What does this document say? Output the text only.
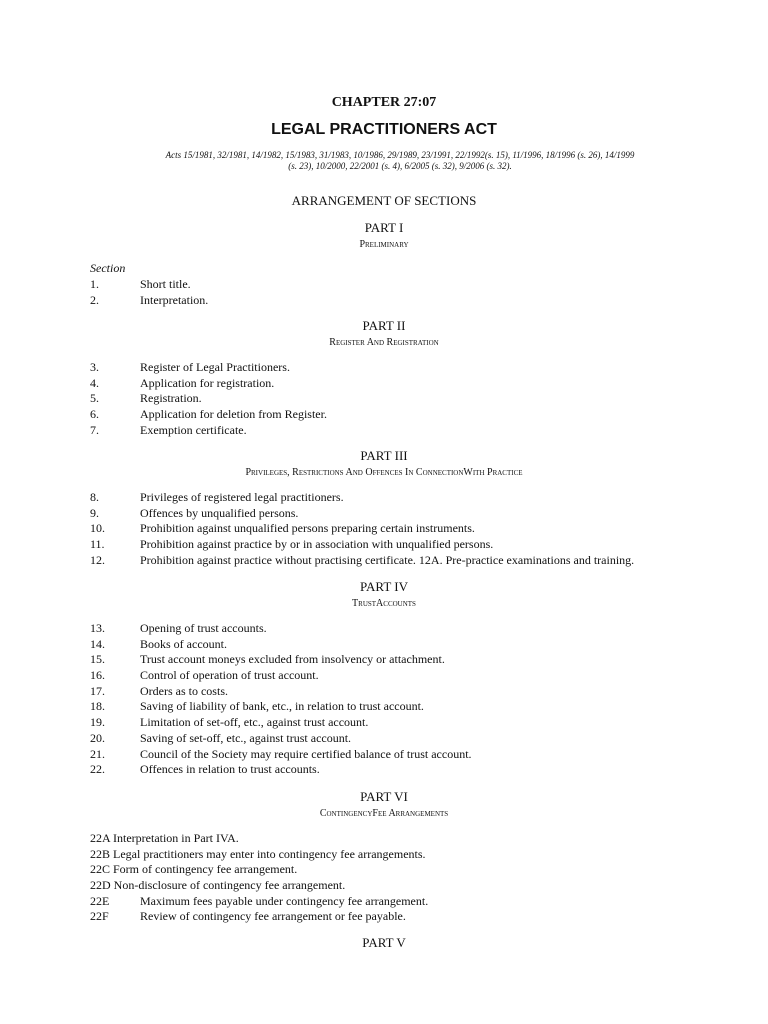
CHAPTER 27:07
LEGAL PRACTITIONERS ACT
Acts 15/1981, 32/1981, 14/1982, 15/1983, 31/1983, 10/1986, 29/1989, 23/1991, 22/1992(s. 15), 11/1996, 18/1996 (s. 26), 14/1999
(s. 23), 10/2000, 22/2001 (s. 4), 6/2005 (s. 32), 9/2006 (s. 32).
ARRANGEMENT OF SECTIONS
PART I
Preliminary
Section
1.	Short title.
2.	Interpretation.
PART II
Register And Registration
3.	Register of Legal Practitioners.
4.	Application for registration.
5.	Registration.
6.	Application for deletion from Register.
7.	Exemption certificate.
PART III
Privileges, Restrictions And Offences In ConnectionWith Practice
8.	Privileges of registered legal practitioners.
9.	Offences by unqualified persons.
10.	Prohibition against unqualified persons preparing certain instruments.
11.	Prohibition against practice by or in association with unqualified persons.
12.	Prohibition against practice without practising certificate. 12A. Pre-practice examinations and training.
PART IV
TrustAccounts
13.	Opening of trust accounts.
14.	Books of account.
15.	Trust account moneys excluded from insolvency or attachment.
16.	Control of operation of trust account.
17.	Orders as to costs.
18.	Saving of liability of bank, etc., in relation to trust account.
19.	Limitation of set-off, etc., against trust account.
20.	Saving of set-off, etc., against trust account.
21.	Council of the Society may require certified balance of trust account.
22.	Offences in relation to trust accounts.
PART VI
ContingencyFee Arrangements
22A Interpretation in Part IVA.
22B Legal practitioners may enter into contingency fee arrangements.
22C Form of contingency fee arrangement.
22D Non-disclosure of contingency fee arrangement.
22E	Maximum fees payable under contingency fee arrangement.
22F	Review of contingency fee arrangement or fee payable.
PART V
